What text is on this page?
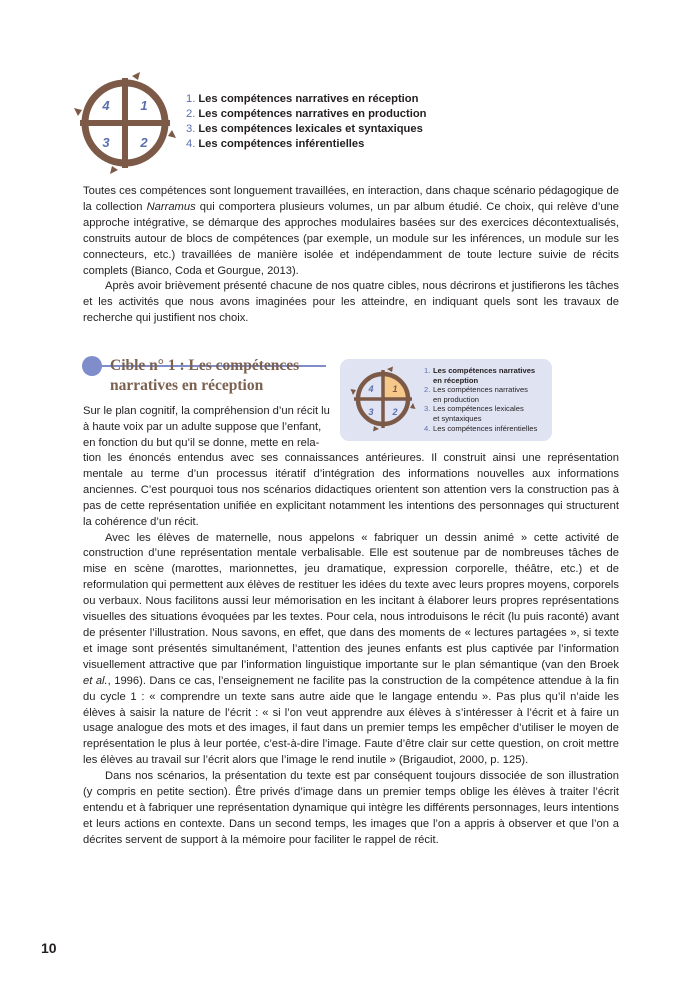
4 1
3 2
1. Les compétences narratives en réception
2. Les compétences narratives en production
3. Les compétences lexicales et syntaxiques
4. Les compétences inférentielles

Toutes ces compétences sont longuement travaillées, en interaction, dans chaque scénario pédagogique de la collection Narramus qui comportera plusieurs volumes, un par album étudié. Ce choix, qui relève d’une approche intégrative, se démarque des approches modulaires basées sur des exercices décontextualisés, construits autour de blocs de compétences (par exemple, un module sur les inférences, un module sur les connecteurs, etc.) travaillées de manière isolée et indépendamment de toute lecture suivie de récits complets (Bianco, Coda et Gourgue, 2013).

Après avoir brièvement présenté chacune de nos quatre cibles, nous décrirons et justifierons les tâches et les activités que nous avons imaginées pour les atteindre, en indiquant quels sont les travaux de recherche qui justifient nos choix.

Cible n° 1 : Les compétences
narratives en réception	4 1
3 2
1. Les compétences narratives
en réception
2. Les compétences narratives
en production
3. Les compétences lexicales
et syntaxiques
4. Les compétences inférentielles
Sur le plan cognitif, la compréhension d’un récit lu
à haute voix par un adulte suppose que l’enfant,
en fonction du but qu’il se donne, mette en rela-

tion les énoncés entendus avec ses connaissances antérieures. Il construit ainsi une représentation mentale au terme d’un processus itératif d’intégration des informations nouvelles aux informations anciennes. C’est pourquoi tous nos scénarios didactiques orientent son attention vers la construction pas à pas de cette représentation unifiée en explicitant notamment les intentions des personnages qui structurent la cohérence d’un récit.

Avec les élèves de maternelle, nous appelons « fabriquer un dessin animé » cette activité de construction d’une représentation mentale verbalisable. Elle est soutenue par de nombreuses tâches de mise en scène (marottes, marionnettes, jeu dramatique, expression corporelle, théâtre, etc.) et de reformulation qui permettent aux élèves de restituer les idées du texte avec leurs propres moyens, corporels ou verbaux. Nous facilitons aussi leur mémorisation en les incitant à élaborer leurs propres représentations visuelles des situations évoquées par les textes. Pour cela, nous introduisons le récit (lu puis raconté) avant de présenter l’illustration. Nous savons, en effet, que dans des moments de « lectures partagées », si texte et image sont présentés simultanément, l’attention des jeunes enfants est plus captivée par l’information visuellement attractive que par l’information linguistique importante sur le plan sémantique (van den Broek et al., 1996). Dans ce cas, l’enseignement ne facilite pas la construction de la compétence attendue à la fin du cycle 1 : « comprendre un texte sans autre aide que le langage entendu ». Pas plus qu’il n’aide les élèves à saisir la nature de l’écrit : « si l’on veut apprendre aux élèves à s’intéresser à l’écrit et à faire un usage analogue des mots et des images, il faut dans un premier temps les empêcher d’utiliser le moyen de représentation le plus à leur portée, c’est-à-dire l’image. Faute d’être clair sur cette question, on croit mettre les élèves au travail sur l’écrit alors que l’image le rend inutile » (Brigaudiot, 2000, p. 125).

Dans nos scénarios, la présentation du texte est par conséquent toujours dissociée de son illustration (y compris en petite section). Être privés d’image dans un premier temps oblige les élèves à traiter l’écrit entendu et à fabriquer une représentation dynamique qui intègre les différents personnages, leurs intentions et leurs actions en contexte. Dans un second temps, les images que l’on a appris à observer et que l’on a décrites servent de support à la mémoire pour faciliter le rappel de récit.

10
